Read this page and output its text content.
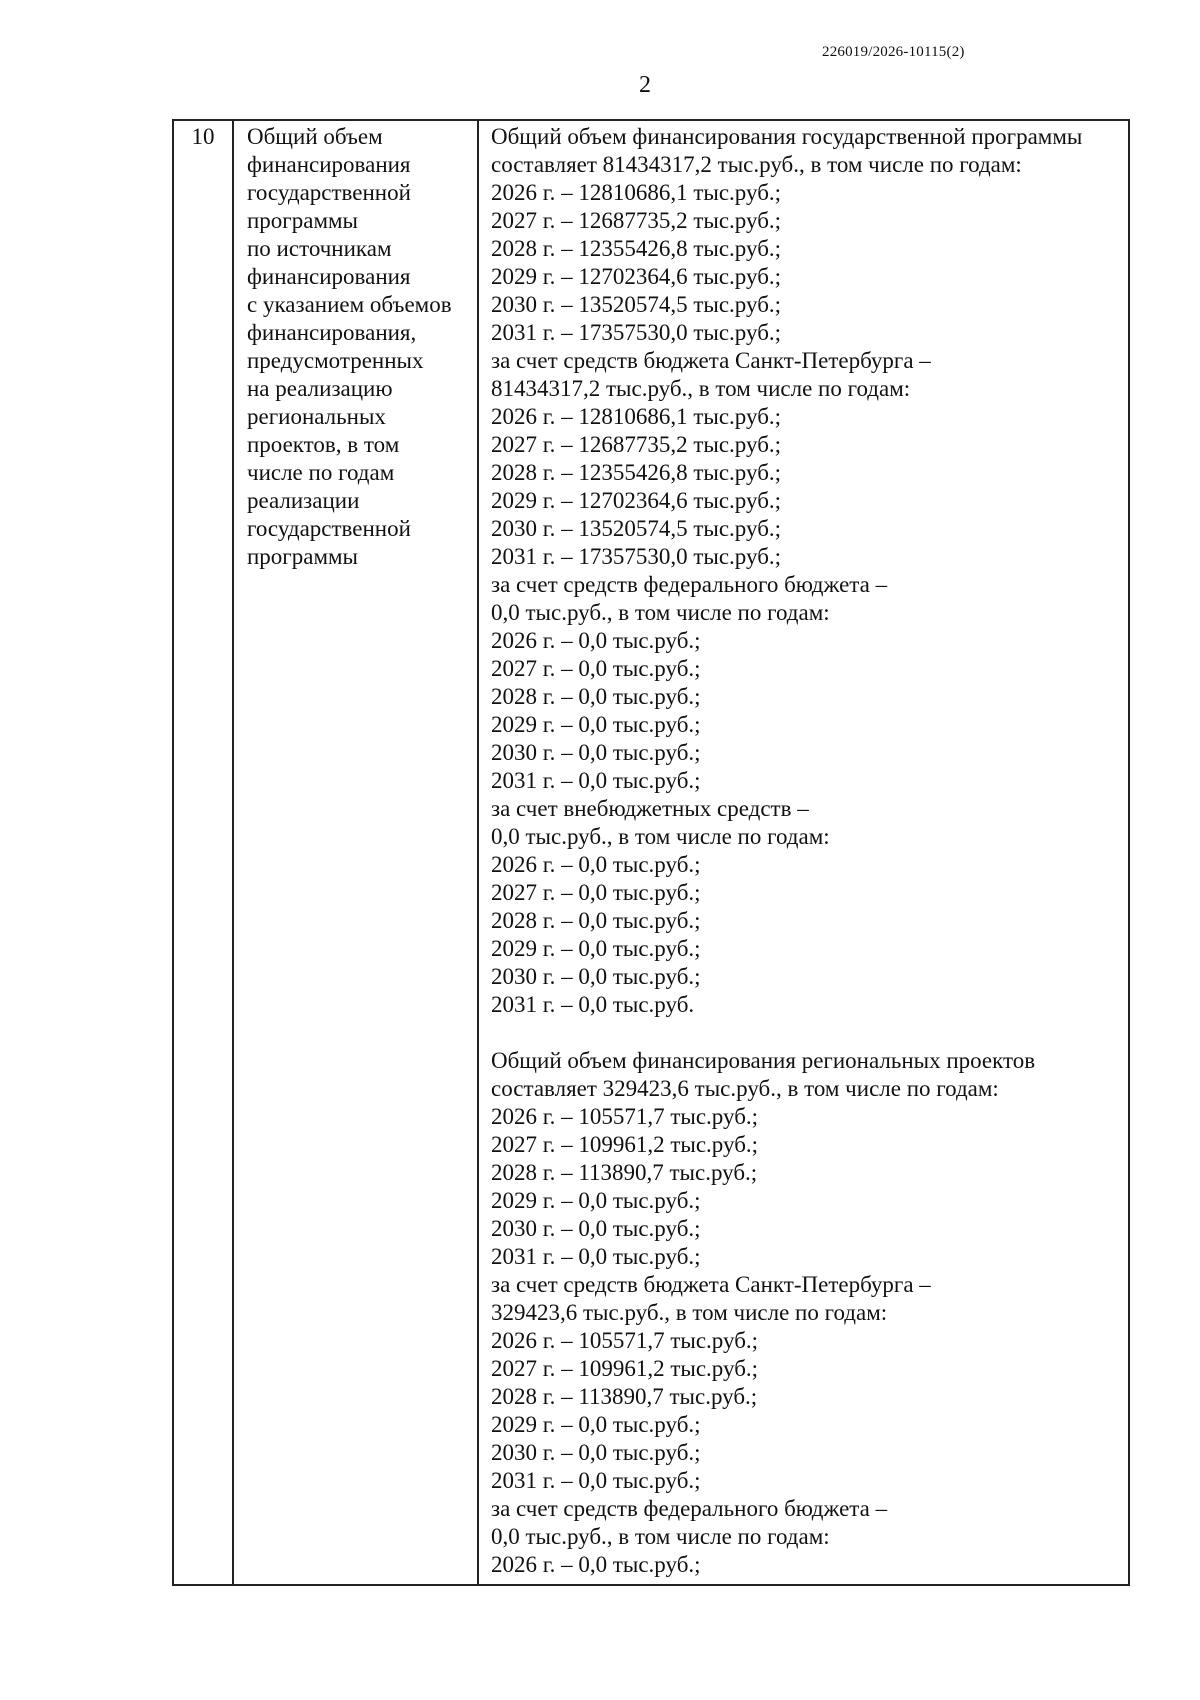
226019/2026-10115(2)
2
10	Общий объем
финансирования
государственной
программы
по источникам
финансирования
с указанием объемов
финансирования,
предусмотренных
на реализацию
региональных
проектов, в том
числе по годам
реализации
государственной
программы
Общий объем финансирования государственной программы
составляет 81434317,2 тыс.руб., в том числе по годам:
2026 г. – 12810686,1 тыс.руб.;
2027 г. – 12687735,2 тыс.руб.;
2028 г. – 12355426,8 тыс.руб.;
2029 г. – 12702364,6 тыс.руб.;
2030 г. – 13520574,5 тыс.руб.;
2031 г. – 17357530,0 тыс.руб.;
за счет средств бюджета Санкт-Петербурга –
81434317,2 тыс.руб., в том числе по годам:
2026 г. – 12810686,1 тыс.руб.;
2027 г. – 12687735,2 тыс.руб.;
2028 г. – 12355426,8 тыс.руб.;
2029 г. – 12702364,6 тыс.руб.;
2030 г. – 13520574,5 тыс.руб.;
2031 г. – 17357530,0 тыс.руб.;
за счет средств федерального бюджета –
0,0 тыс.руб., в том числе по годам:
2026 г. – 0,0 тыс.руб.;
2027 г. – 0,0 тыс.руб.;
2028 г. – 0,0 тыс.руб.;
2029 г. – 0,0 тыс.руб.;
2030 г. – 0,0 тыс.руб.;
2031 г. – 0,0 тыс.руб.;
за счет внебюджетных средств –
0,0 тыс.руб., в том числе по годам:
2026 г. – 0,0 тыс.руб.;
2027 г. – 0,0 тыс.руб.;
2028 г. – 0,0 тыс.руб.;
2029 г. – 0,0 тыс.руб.;
2030 г. – 0,0 тыс.руб.;
2031 г. – 0,0 тыс.руб.
Общий объем финансирования региональных проектов
составляет 329423,6 тыс.руб., в том числе по годам:
2026 г. – 105571,7 тыс.руб.;
2027 г. – 109961,2 тыс.руб.;
2028 г. – 113890,7 тыс.руб.;
2029 г. – 0,0 тыс.руб.;
2030 г. – 0,0 тыс.руб.;
2031 г. – 0,0 тыс.руб.;
за счет средств бюджета Санкт-Петербурга –
329423,6 тыс.руб., в том числе по годам:
2026 г. – 105571,7 тыс.руб.;
2027 г. – 109961,2 тыс.руб.;
2028 г. – 113890,7 тыс.руб.;
2029 г. – 0,0 тыс.руб.;
2030 г. – 0,0 тыс.руб.;
2031 г. – 0,0 тыс.руб.;
за счет средств федерального бюджета –
0,0 тыс.руб., в том числе по годам:
2026 г. – 0,0 тыс.руб.;
